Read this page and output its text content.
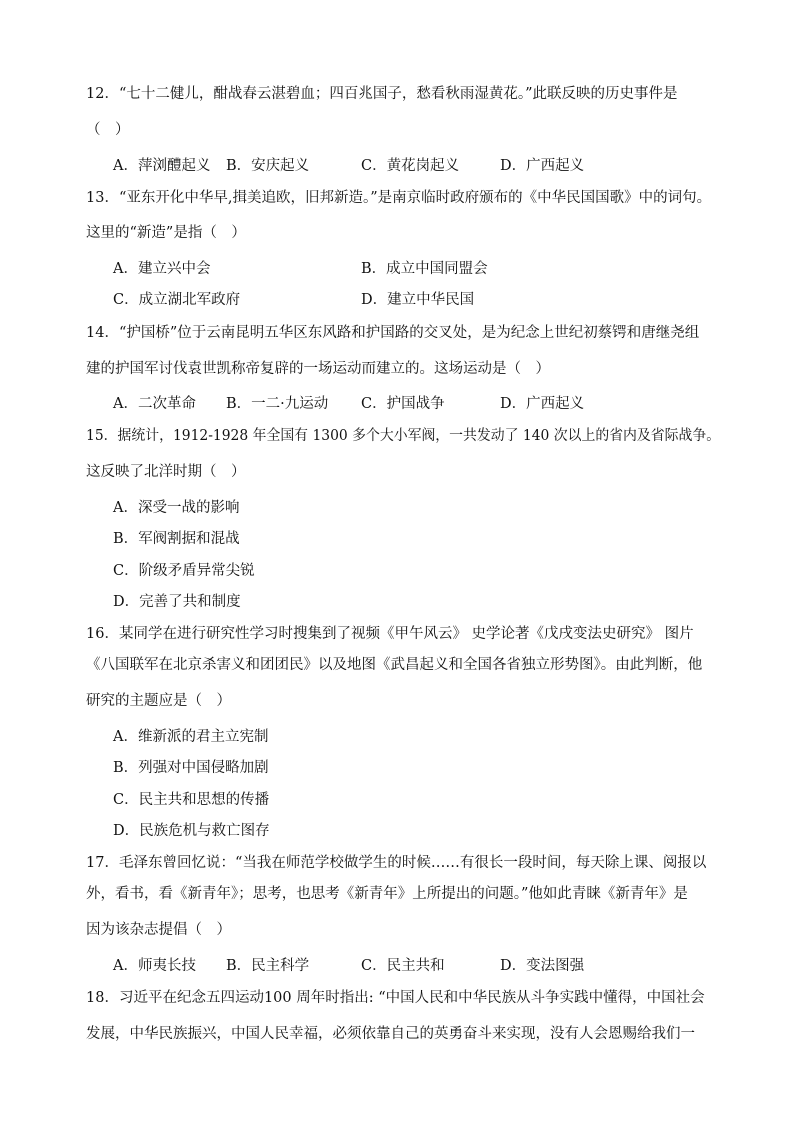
12．“七十二健儿，酣战春云湛碧血；四百兆国子，愁看秋雨湿黄花。”此联反映的历史事件是
（　）
A．萍浏醴起义 B．安庆起义	C．黄花岗起义	D．广西起义
13．“亚东开化中华早,揖美追欧，旧邦新造。”是南京临时政府颁布的《中华民国国歌》中的词句。
这里的“新造”是指（　）
A．建立兴中会	B．成立中国同盟会
C．成立湖北军政府	D．建立中华民国
14．“护国桥”位于云南昆明五华区东风路和护国路的交叉处，是为纪念上世纪初蔡锷和唐继尧组
建的护国军讨伐袁世凯称帝复辟的一场运动而建立的。这场运动是（　）
A．二次革命 B．一二·九运动 C．护国战争	D．广西起义
15．据统计，1912-1928 年全国有 1300 多个大小军阀，一共发动了 140 次以上的省内及省际战争。
这反映了北洋时期（　）
A．深受一战的影响
B．军阀割据和混战
C．阶级矛盾异常尖锐
D．完善了共和制度
16．某同学在进行研究性学习时搜集到了视频《甲午风云》 史学论著《戊戌变法史研究》 图片
《八国联军在北京杀害义和团团民》以及地图《武昌起义和全国各省独立形势图》。由此判断，他
研究的主题应是（　）
A．维新派的君主立宪制
B．列强对中国侵略加剧
C．民主共和思想的传播
D．民族危机与救亡图存
17．毛泽东曾回忆说：“当我在师范学校做学生的时候……有很长一段时间，每天除上课、阅报以
外，看书，看《新青年》；思考，也思考《新青年》上所提出的问题。”他如此青睐《新青年》是
因为该杂志提倡（　）
A．师夷长技 B．民主科学	C．民主共和	D．变法图强
18．习近平在纪念五四运动100 周年时指出: “中国人民和中华民族从斗争实践中懂得，中国社会
发展，中华民族振兴，中国人民幸福，必须依靠自己的英勇奋斗来实现，没有人会恩赐给我们一
